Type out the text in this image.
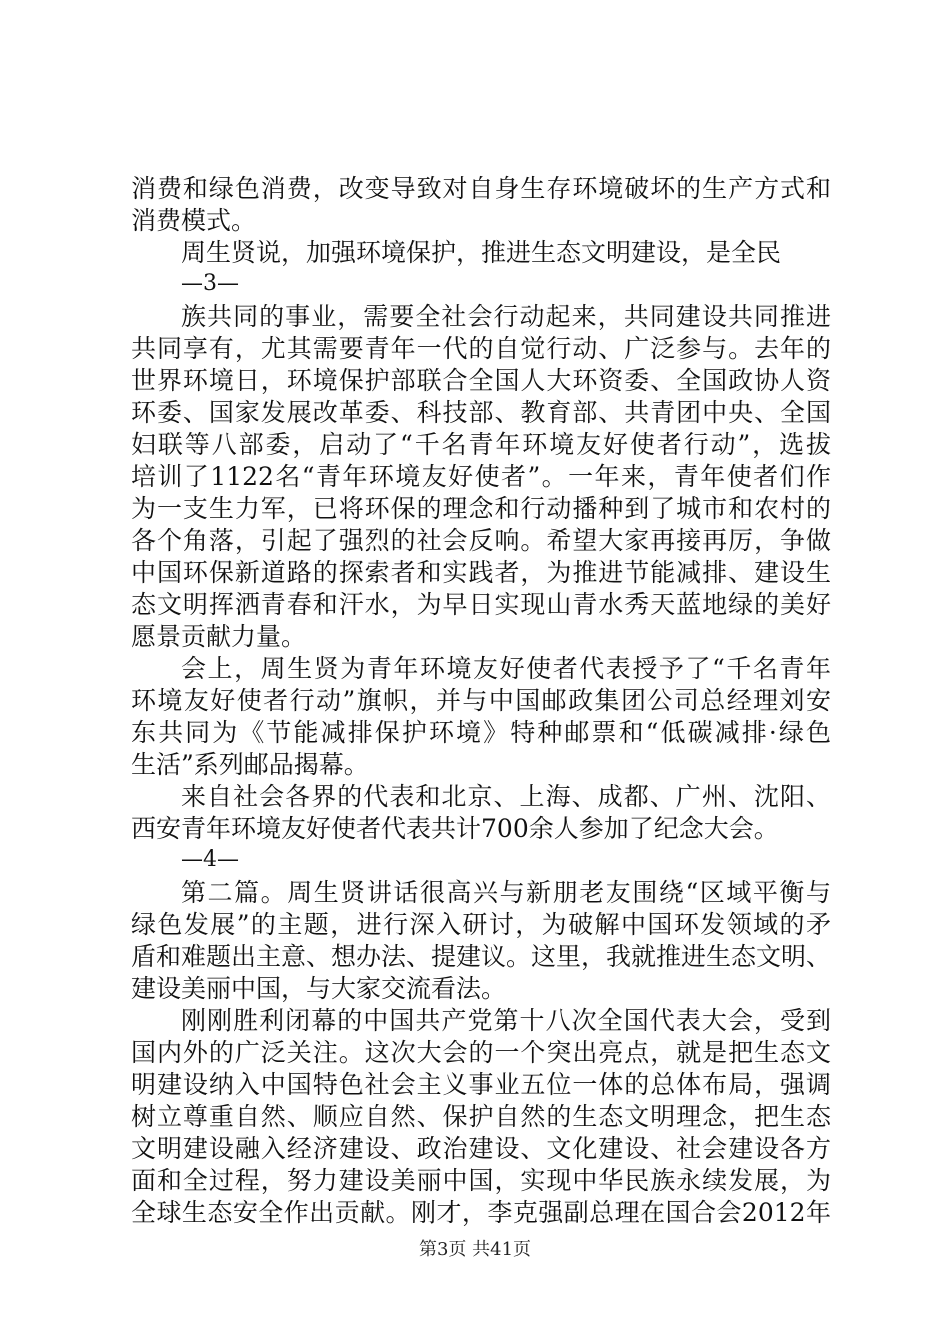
消费和绿色消费，改变导致对自身生存环境破坏的生产方式和
消费模式。
周生贤说，加强环境保护，推进生态文明建设，是全民
—3—
族共同的事业，需要全社会行动起来，共同建设共同推进
共同享有，尤其需要青年一代的自觉行动、广泛参与。去年的
世界环境日，环境保护部联合全国人大环资委、全国政协人资
环委、国家发展改革委、科技部、教育部、共青团中央、全国
妇联等八部委，启动了“千名青年环境友好使者行动”，选拔
培训了1122名“青年环境友好使者”。一年来，青年使者们作
为一支生力军，已将环保的理念和行动播种到了城市和农村的
各个角落，引起了强烈的社会反响。希望大家再接再厉，争做
中国环保新道路的探索者和实践者，为推进节能减排、建设生
态文明挥洒青春和汗水，为早日实现山青水秀天蓝地绿的美好
愿景贡献力量。
会上，周生贤为青年环境友好使者代表授予了“千名青年
环境友好使者行动”旗帜，并与中国邮政集团公司总经理刘安
东共同为《节能减排保护环境》特种邮票和“低碳减排·绿色
生活”系列邮品揭幕。
来自社会各界的代表和北京、上海、成都、广州、沈阳、
西安青年环境友好使者代表共计700余人参加了纪念大会。
—4—
第二篇。周生贤讲话很高兴与新朋老友围绕“区域平衡与
绿色发展”的主题，进行深入研讨，为破解中国环发领域的矛
盾和难题出主意、想办法、提建议。这里，我就推进生态文明、
建设美丽中国，与大家交流看法。
刚刚胜利闭幕的中国共产党第十八次全国代表大会，受到
国内外的广泛关注。这次大会的一个突出亮点，就是把生态文
明建设纳入中国特色社会主义事业五位一体的总体布局，强调
树立尊重自然、顺应自然、保护自然的生态文明理念，把生态
文明建设融入经济建设、政治建设、文化建设、社会建设各方
面和全过程，努力建设美丽中国，实现中华民族永续发展，为
全球生态安全作出贡献。刚才，李克强副总理在国合会2012年
第3页 共41页
